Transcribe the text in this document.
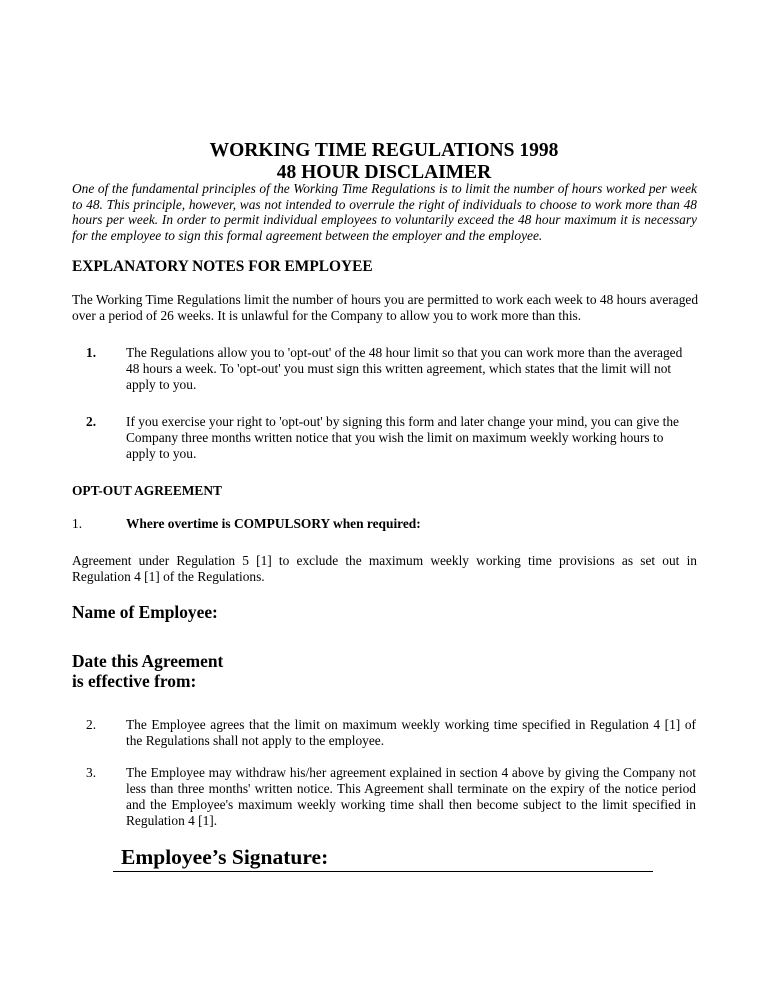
WORKING TIME REGULATIONS 1998
48 HOUR DISCLAIMER

One of the fundamental principles of the Working Time Regulations is to limit the number of hours worked per week to 48. This principle, however, was not intended to overrule the right of individuals to choose to work more than 48 hours per week. In order to permit individual employees to voluntarily exceed the 48 hour maximum it is necessary for the employee to sign this formal agreement between the employer and the employee.

EXPLANATORY NOTES FOR EMPLOYEE

The Working Time Regulations limit the number of hours you are permitted to work each week to 48 hours averaged over a period of 26 weeks. It is unlawful for the Company to allow you to work more than this.

1. The Regulations allow you to 'opt-out' of the 48 hour limit so that you can work more than the averaged 48 hours a week. To 'opt-out' you must sign this written agreement, which states that the limit will not apply to you.

2. If you exercise your right to 'opt-out' by signing this form and later change your mind, you can give the Company three months written notice that you wish the limit on maximum weekly working hours to apply to you.

OPT-OUT AGREEMENT

1.	Where overtime is COMPULSORY when required:

Agreement under Regulation 5 [1] to exclude the maximum weekly working time provisions as set out in Regulation 4 [1] of the Regulations.

Name of Employee:

Date this Agreement
is effective from:
2. The Employee agrees that the limit on maximum weekly working time specified in Regulation 4 [1] of the Regulations shall not apply to the employee.

3. The Employee may withdraw his/her agreement explained in section 4 above by giving the Company not less than three months' written notice. This Agreement shall terminate on the expiry of the notice period and the Employee's maximum weekly working time shall then become subject to the limit specified in Regulation 4 [1].

Employee’s Signature:
